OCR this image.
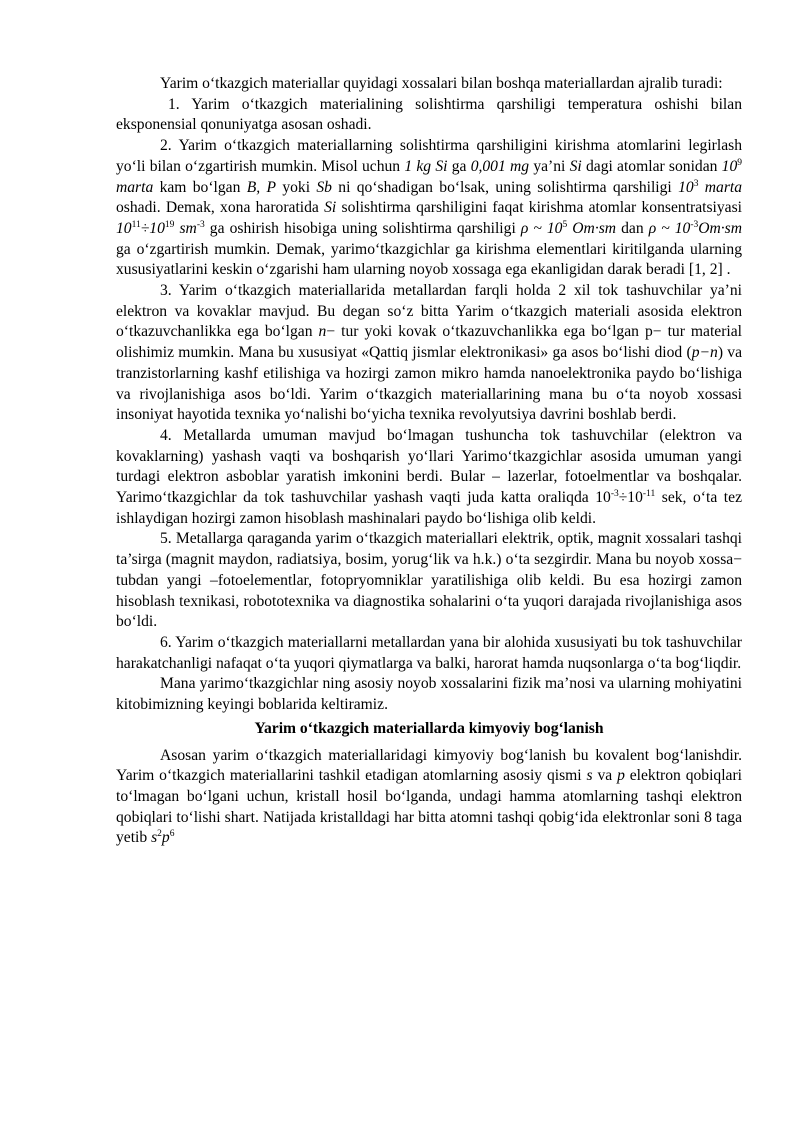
Yarim o‘tkazgich materiallar quyidagi xossalari bilan boshqa materiallardan ajralib turadi:

1. Yarim o‘tkazgich materialining solishtirma qarshiligi temperatura oshishi bilan eksponensial qonuniyatga asosan oshadi.

2. Yarim o‘tkazgich materiallarning solishtirma qarshiligini kirishma atomlarini legirlash yo‘li bilan o‘zgartirish mumkin. Misol uchun 1 kg Si ga 0,001 mg ya’ni Si dagi atomlar sonidan $10^9$ marta kam bo‘lgan B, P yoki Sb ni qo‘shadigan bo‘lsak, uning solishtirma qarshiligi $10^3$ marta oshadi. Demak, xona haroratida Si solishtirma qarshiligini faqat kirishma atomlar konsentratsiyasi $10^{11}\div 10^{19}$ $sm^{-3}$ ga oshirish hisobiga uning solishtirma qarshiligi ρ ~ $10^5$ Om·sm dan ρ ~ $10^{-3}Om\cdot sm$ ga o‘zgartirish mumkin. Demak, yarimo‘tkazgichlar ga kirishma elementlari kiritilganda ularning xususiyatlarini keskin o‘zgarishi ham ularning noyob xossaga ega ekanligidan darak beradi [1, 2] .

3. Yarim o‘tkazgich materiallarida metallardan farqli holda 2 xil tok tashuvchilar ya’ni elektron va kovaklar mavjud. Bu degan so‘z bitta Yarim o‘tkazgich materiali asosida elektron o‘tkazuvchanlikka ega bo‘lgan n− tur yoki kovak o‘tkazuvchanlikka ega bo‘lgan p− tur material olishimiz mumkin. Mana bu xususiyat «Qattiq jismlar elektronikasi» ga asos bo‘lishi diod (p−n) va tranzistorlarning kashf etilishiga va hozirgi zamon mikro hamda nanoelektronika paydo bo‘lishiga va rivojlanishiga asos bo‘ldi. Yarim o‘tkazgich materiallarining mana bu o‘ta noyob xossasi insoniyat hayotida texnika yo‘nalishi bo‘yicha texnika revolyutsiya davrini boshlab berdi.

4. Metallarda umuman mavjud bo‘lmagan tushuncha tok tashuvchilar (elektron va kovaklarning) yashash vaqti va boshqarish yo‘llari Yarimo‘tkazgichlar asosida umuman yangi turdagi elektron asboblar yaratish imkonini berdi. Bular – lazerlar, fotoelmentlar va boshqalar. Yarimo‘tkazgichlar da tok tashuvchilar yashash vaqti juda katta oraliqda $10^{-3}\div 10^{-11}$ sek, o‘ta tez ishlaydigan hozirgi zamon hisoblash mashinalari paydo bo‘lishiga olib keldi.

5. Metallarga qaraganda yarim o‘tkazgich materiallari elektrik, optik, magnit xossalari tashqi ta’sirga (magnit maydon, radiatsiya, bosim, yorug‘lik va h.k.) o‘ta sezgirdir. Mana bu noyob xossa− tubdan yangi –fotoelementlar, fotopryomniklar yaratilishiga olib keldi. Bu esa hozirgi zamon hisoblash texnikasi, robototexnika va diagnostika sohalarini o‘ta yuqori darajada rivojlanishiga asos bo‘ldi.

6. Yarim o‘tkazgich materiallarni metallardan yana bir alohida xususiyati bu tok tashuvchilar harakatchanligi nafaqat o‘ta yuqori qiymatlarga va balki, harorat hamda nuqsonlarga o‘ta bog‘liqdir.

Mana yarimo‘tkazgichlar ning asosiy noyob xossalarini fizik ma’nosi va ularning mohiyatini kitobimizning keyingi boblarida keltiramiz.

Yarim o‘tkazgich materiallarda kimyoviy bog‘lanish

Asosan yarim o‘tkazgich materiallaridagi kimyoviy bog‘lanish bu kovalent bog‘lanishdir. Yarim o‘tkazgich materiallarini tashkil etadigan atomlarning asosiy qismi s va p elektron qobiqlari to‘lmagan bo‘lgani uchun, kristall hosil bo‘lganda, undagi hamma atomlarning tashqi elektron qobiqlari to‘lishi shart. Natijada kristalldagi har bitta atomni tashqi qobig‘ida elektronlar soni 8 taga yetib $s^2p^6$
